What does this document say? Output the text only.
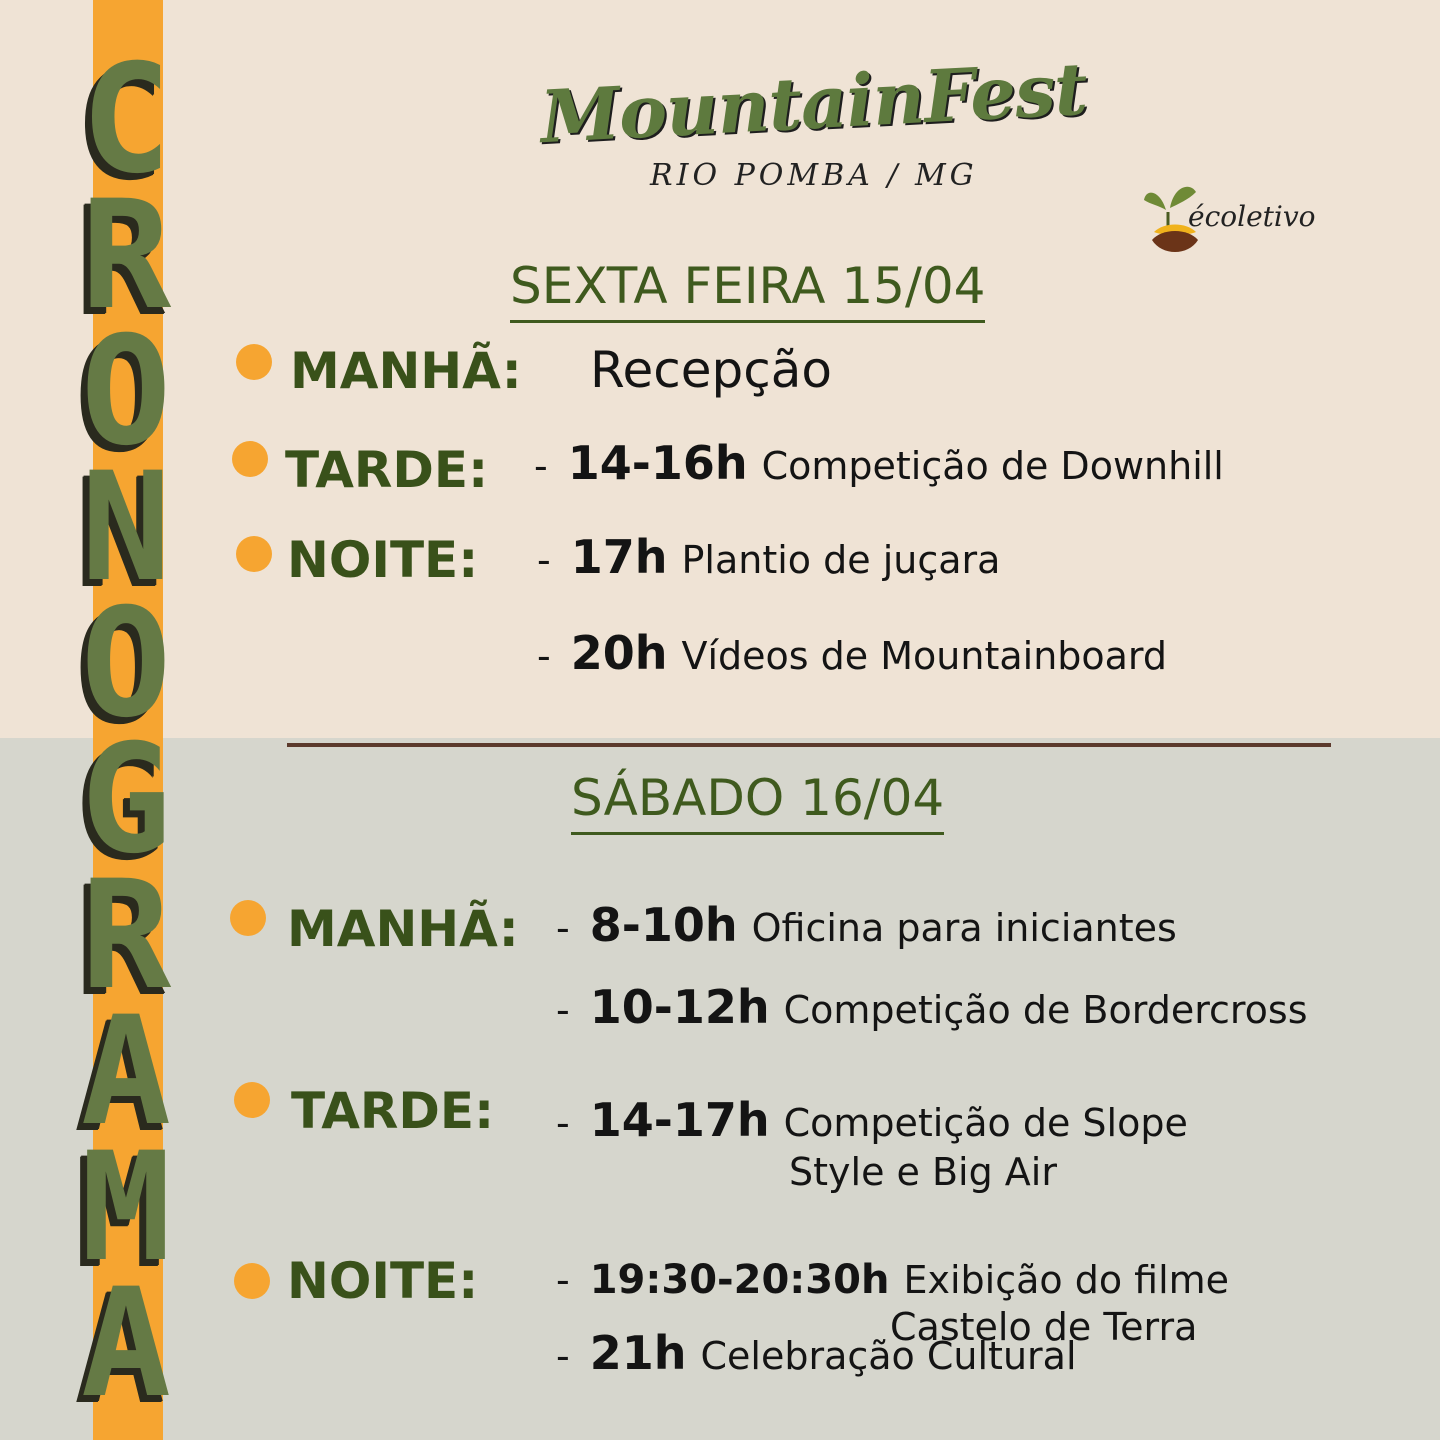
C
R
O
N
O
G
R
A
M
A
MountainFest
RIO POMBA / MG
écoletivo
SEXTA FEIRA 15/04
MANHÃ: Recepção
TARDE: - 14-16h Competição de Downhill
NOITE: - 17h Plantio de juçara
- 20h Vídeos de Mountainboard
SÁBADO 16/04
MANHÃ: - 8-10h Oficina para iniciantes
- 10-12h Competição de Bordercross
TARDE: - 14-17h Competição de Slope
Style e Big Air
NOITE: - 19:30-20:30h Exibição do filme
Castelo de Terra
- 21h Celebração Cultural
